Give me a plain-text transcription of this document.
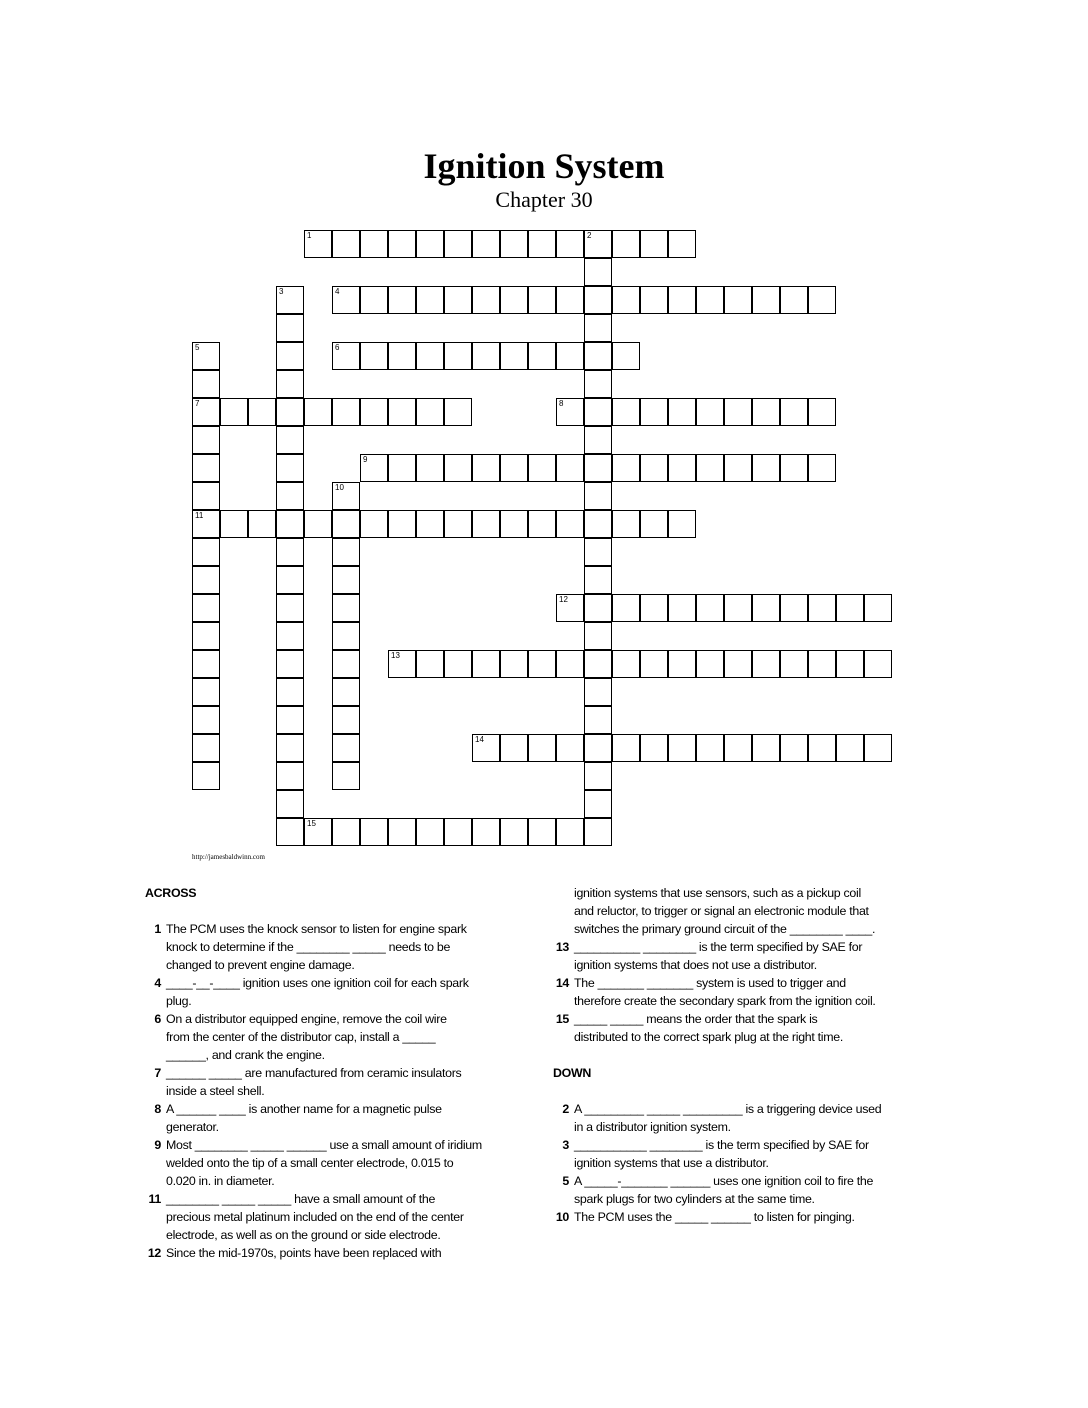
Ignition System
Chapter 30
1	2
3	4
5
7
11
6
8
9
10
12
13
14
15
http://jamesbaldwinn.com
ACROSS
1 The PCM uses the knock sensor to listen for engine spark
knock to determine if the ________ _____ needs to be
changed to prevent engine damage.
4 ____-__-____ ignition uses one ignition coil for each spark
plug.
6 On a distributor equipped engine, remove the coil wire
from the center of the distributor cap, install a _____
______, and crank the engine.
7 ______ _____ are manufactured from ceramic insulators
inside a steel shell.
8 A ______ ____ is another name for a magnetic pulse
generator.
9 Most ________ _____ ______ use a small amount of iridium
welded onto the tip of a small center electrode, 0.015 to
0.020 in. in diameter.
11 ________ _____ _____ have a small amount of the
precious metal platinum included on the end of the center
electrode, as well as on the ground or side electrode.
12 Since the mid-1970s, points have been replaced with
ignition systems that use sensors, such as a pickup coil
and reluctor, to trigger or signal an electronic module that
switches the primary ground circuit of the ________ ____.
13 __________ ________ is the term specified by SAE for
ignition systems that does not use a distributor.
14 The _______ _______ system is used to trigger and
therefore create the secondary spark from the ignition coil.
15 _____ _____ means the order that the spark is
distributed to the correct spark plug at the right time.
DOWN
2 A _________ _____ _________ is a triggering device used
in a distributor ignition system.
3 ___________ ________ is the term specified by SAE for
ignition systems that use a distributor.
5 A _____-_______ ______ uses one ignition coil to fire the
spark plugs for two cylinders at the same time.
10 The PCM uses the _____ ______ to listen for pinging.
